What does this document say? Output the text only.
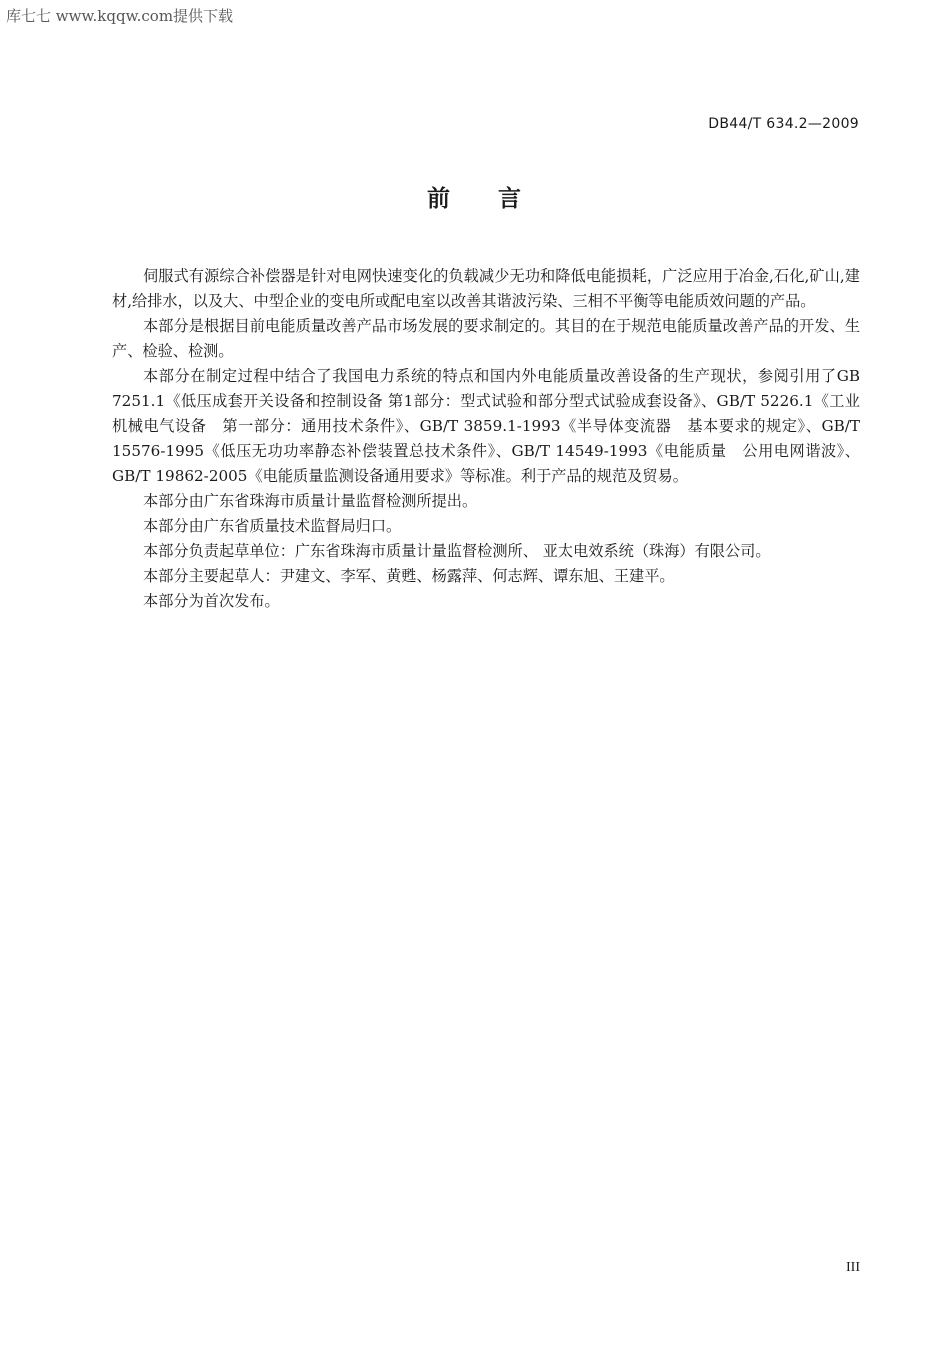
库七七 www.kqqw.com提供下载
DB44/T 634.2—2009
前 言

伺服式有源综合补偿器是针对电网快速变化的负载减少无功和降低电能损耗，广泛应用于冶金,石化,矿山,建材,给排水，以及大、中型企业的变电所或配电室以改善其谐波污染、三相不平衡等电能质效问题的产品。

本部分是根据目前电能质量改善产品市场发展的要求制定的。其目的在于规范电能质量改善产品的开发、生产、检验、检测。

本部分在制定过程中结合了我国电力系统的特点和国内外电能质量改善设备的生产现状，参阅引用了GB 7251.1《低压成套开关设备和控制设备 第1部分：型式试验和部分型式试验成套设备》、GB/T 5226.1《工业机械电气设备　第一部分：通用技术条件》、GB/T 3859.1-1993《半导体变流器　基本要求的规定》、GB/T 15576-1995《低压无功功率静态补偿装置总技术条件》、GB/T 14549-1993《电能质量　公用电网谐波》、GB/T 19862-2005《电能质量监测设备通用要求》等标准。利于产品的规范及贸易。

本部分由广东省珠海市质量计量监督检测所提出。

本部分由广东省质量技术监督局归口。

本部分负责起草单位：广东省珠海市质量计量监督检测所、 亚太电效系统（珠海）有限公司。

本部分主要起草人：尹建文、李军、黄甦、杨露萍、何志辉、谭东旭、王建平。

本部分为首次发布。

III
